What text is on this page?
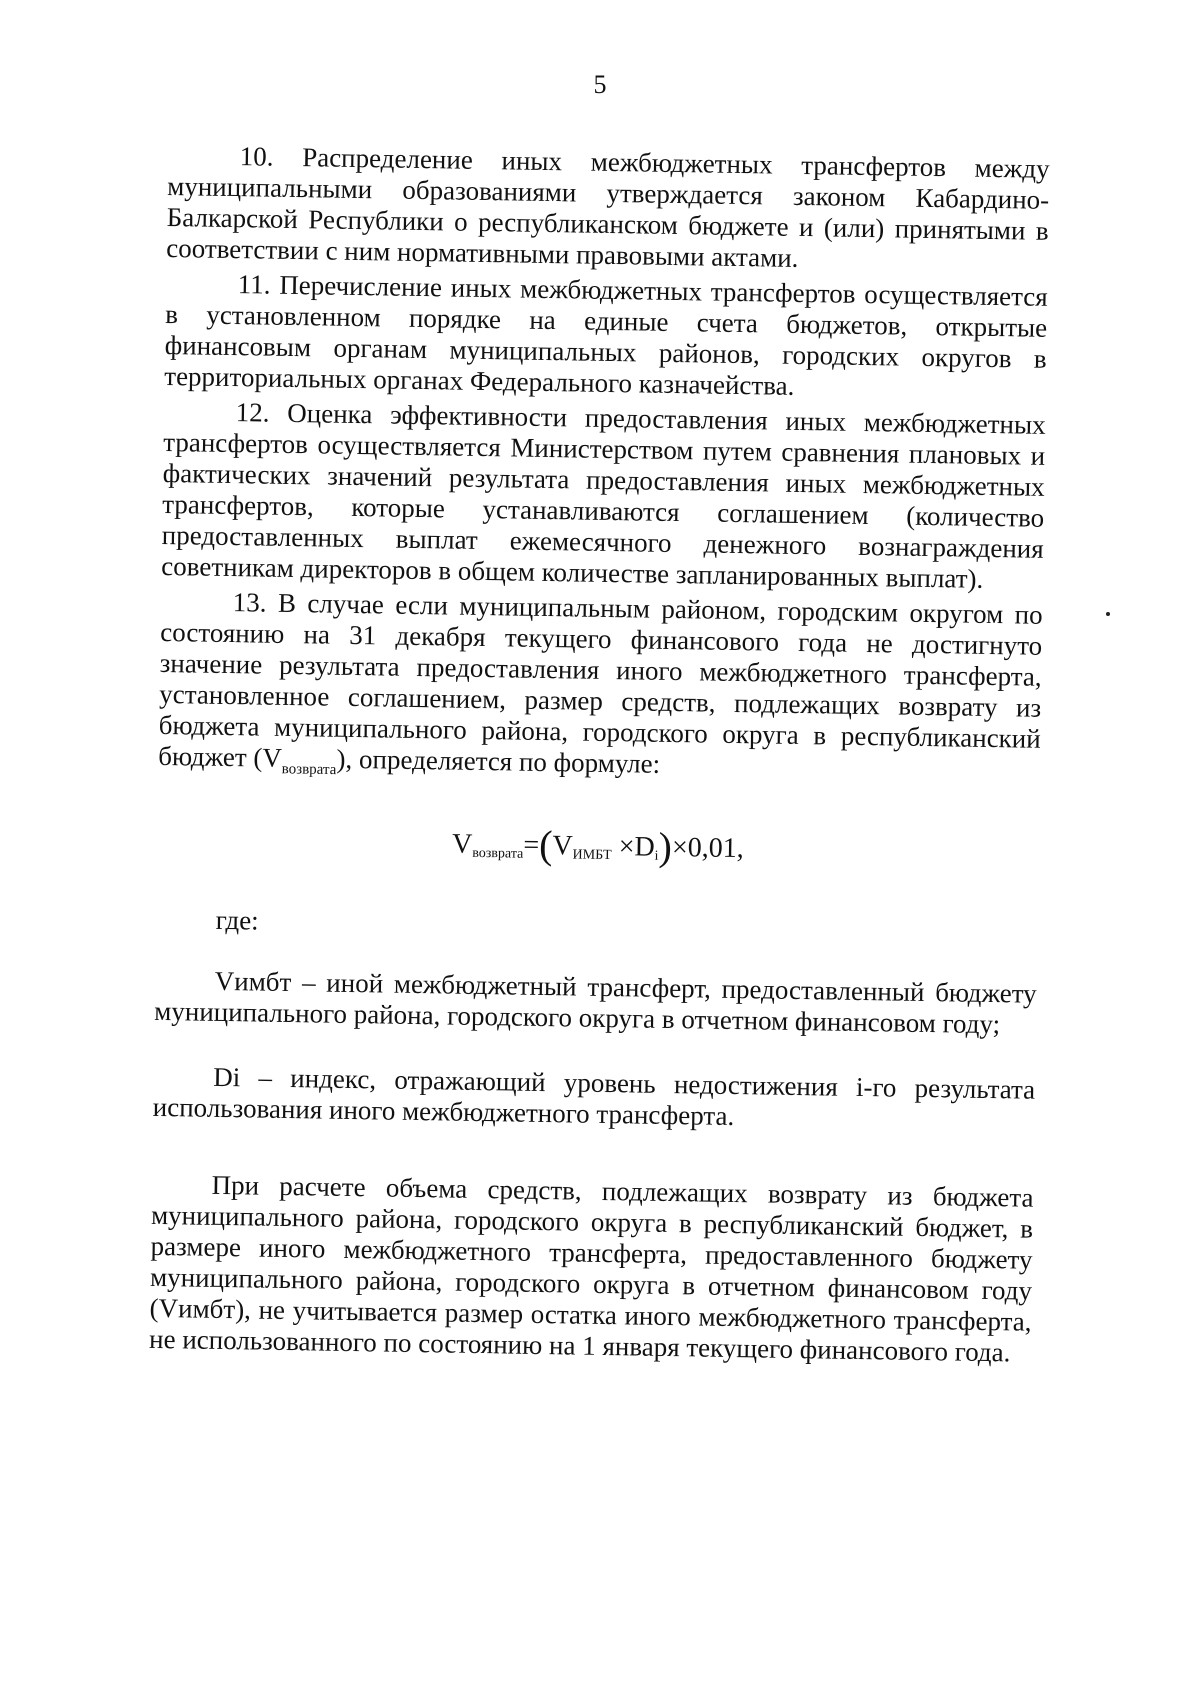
5

10. Распределение иных межбюджетных трансфертов между муниципальными образованиями утверждается законом Кабардино-Балкарской Республики о республиканском бюджете и (или) принятыми в соответствии с ним нормативными правовыми актами.

11. Перечисление иных межбюджетных трансфертов осуществляется в установленном порядке на единые счета бюджетов, открытые финансовым органам муниципальных районов, городских округов в территориальных органах Федерального казначейства.

12. Оценка эффективности предоставления иных межбюджетных трансфертов осуществляется Министерством путем сравнения плановых и фактических значений результата предоставления иных межбюджетных трансфертов, которые устанавливаются соглашением (количество предоставленных выплат ежемесячного денежного вознаграждения советникам директоров в общем количестве запланированных выплат).

13. В случае если муниципальным районом, городским округом по состоянию на 31 декабря текущего финансового года не достигнуто значение результата предоставления иного межбюджетного трансферта, установленное соглашением, размер средств, подлежащих возврату из бюджета муниципального района, городского округа в республиканский бюджет $(V_{возврата})$, определяется по формуле:

$V_{возврата}=(V_{ИМБТ} \times D_i)\times 0,01$,
где:

Vимбт – иной межбюджетный трансферт, предоставленный бюджету муниципального района, городского округа в отчетном финансовом году;

Di – индекс, отражающий уровень недостижения i-го результата использования иного межбюджетного трансферта.

При расчете объема средств, подлежащих возврату из бюджета муниципального района, городского округа в республиканский бюджет, в размере иного межбюджетного трансферта, предоставленного бюджету муниципального района, городского округа в отчетном финансовом году (Vимбт), не учитывается размер остатка иного межбюджетного трансферта, не использованного по состоянию на 1 января текущего финансового года.
